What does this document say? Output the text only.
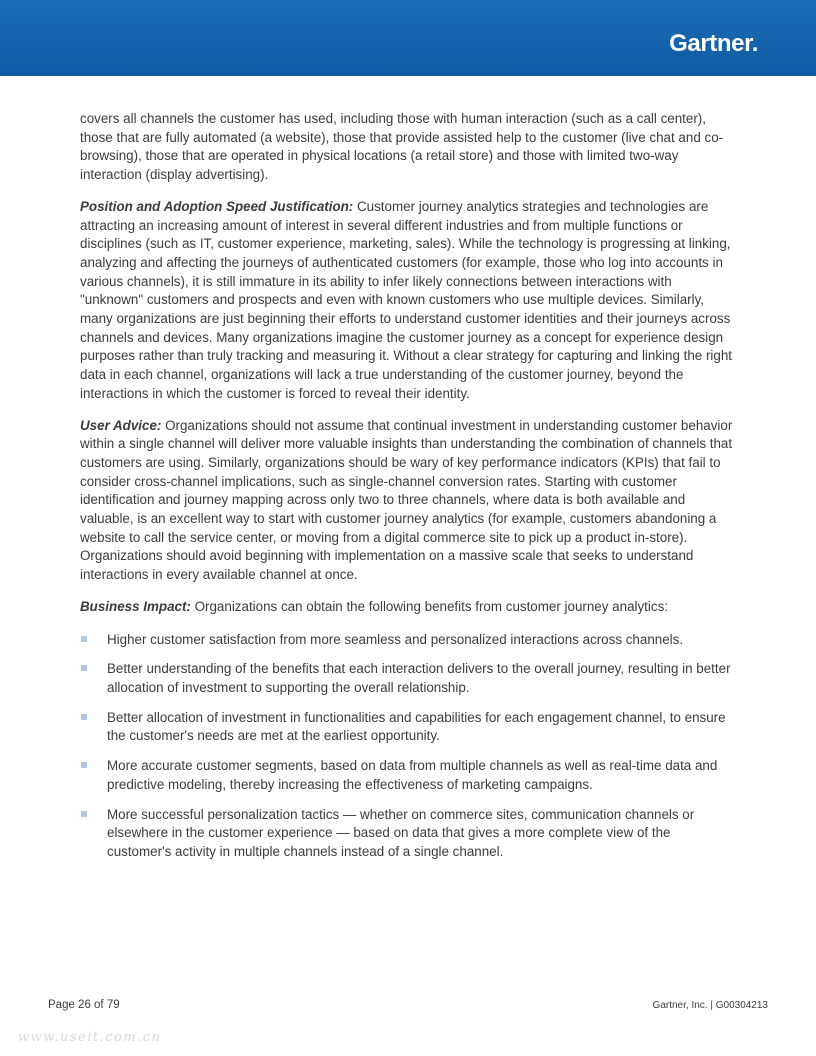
Gartner.

covers all channels the customer has used, including those with human interaction (such as a call center), those that are fully automated (a website), those that provide assisted help to the customer (live chat and co-browsing), those that are operated in physical locations (a retail store) and those with limited two-way interaction (display advertising).

Position and Adoption Speed Justification: Customer journey analytics strategies and technologies are attracting an increasing amount of interest in several different industries and from multiple functions or disciplines (such as IT, customer experience, marketing, sales). While the technology is progressing at linking, analyzing and affecting the journeys of authenticated customers (for example, those who log into accounts in various channels), it is still immature in its ability to infer likely connections between interactions with "unknown" customers and prospects and even with known customers who use multiple devices. Similarly, many organizations are just beginning their efforts to understand customer identities and their journeys across channels and devices. Many organizations imagine the customer journey as a concept for experience design purposes rather than truly tracking and measuring it. Without a clear strategy for capturing and linking the right data in each channel, organizations will lack a true understanding of the customer journey, beyond the interactions in which the customer is forced to reveal their identity.

User Advice: Organizations should not assume that continual investment in understanding customer behavior within a single channel will deliver more valuable insights than understanding the combination of channels that customers are using. Similarly, organizations should be wary of key performance indicators (KPIs) that fail to consider cross-channel implications, such as single-channel conversion rates. Starting with customer identification and journey mapping across only two to three channels, where data is both available and valuable, is an excellent way to start with customer journey analytics (for example, customers abandoning a website to call the service center, or moving from a digital commerce site to pick up a product in-store). Organizations should avoid beginning with implementation on a massive scale that seeks to understand interactions in every available channel at once.

Business Impact: Organizations can obtain the following benefits from customer journey analytics:

Higher customer satisfaction from more seamless and personalized interactions across channels.
Better understanding of the benefits that each interaction delivers to the overall journey, resulting in better allocation of investment to supporting the overall relationship.
Better allocation of investment in functionalities and capabilities for each engagement channel, to ensure the customer's needs are met at the earliest opportunity.
More accurate customer segments, based on data from multiple channels as well as real-time data and predictive modeling, thereby increasing the effectiveness of marketing campaigns.
More successful personalization tactics — whether on commerce sites, communication channels or elsewhere in the customer experience — based on data that gives a more complete view of the customer's activity in multiple channels instead of a single channel.
Page 26 of 79	Gartner, Inc. | G00304213
www.useit.com.cn
